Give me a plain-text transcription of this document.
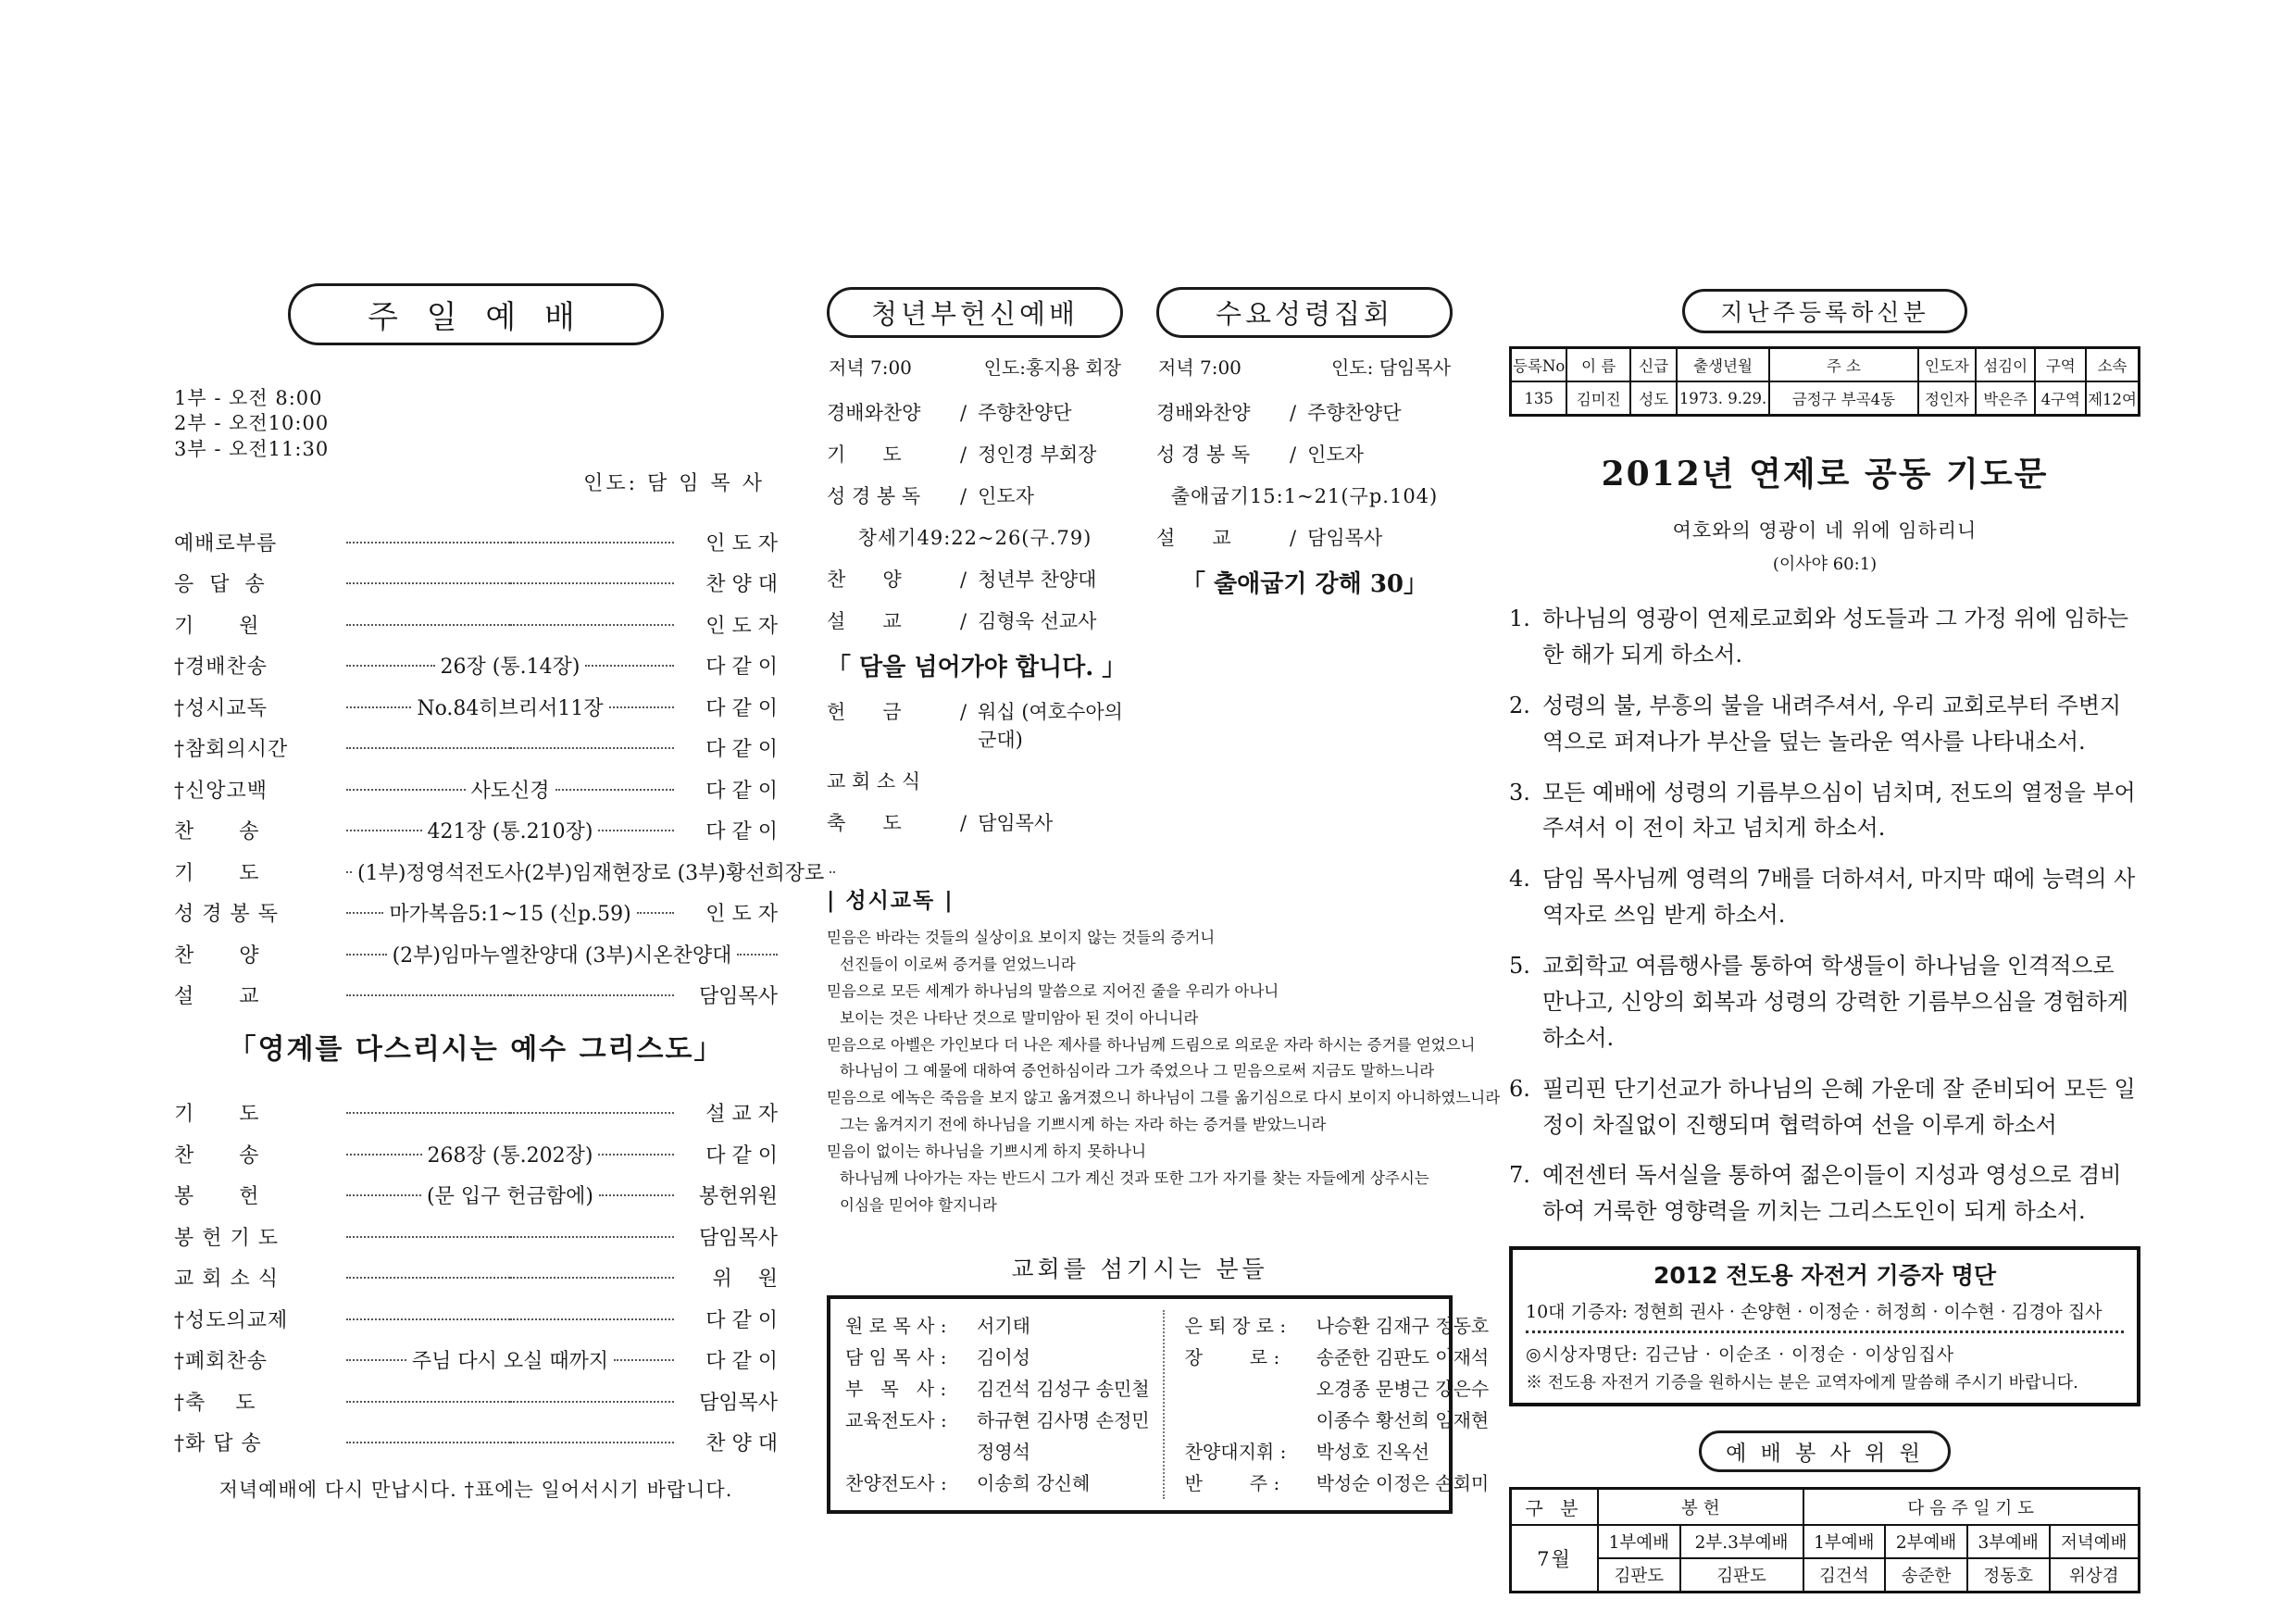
주 일 예 배
1부 - 오전 8:00
2부 - 오전10:00
3부 - 오전11:30
인도: 담 임 목 사
예배로부름	인 도 자
응  답  송	찬 양 대
기      원	인 도 자
†경배찬송	26장 (통.14장)	다 같 이
†성시교독	No.84히브리서11장	다 같 이
†참회의시간	다 같 이
†신앙고백	사도신경	다 같 이
찬      송	421장 (통.210장)	다 같 이
기      도	(1부)정영석전도사(2부)임재현장로 (3부)황선희장로
성 경 봉 독	마가복음5:1~15 (신p.59)	인 도 자
찬      양	(2부)임마누엘찬양대 (3부)시온찬양대
설      교	담임목사
「영계를 다스리시는 예수 그리스도」
기      도	설 교 자
찬      송	268장 (통.202장)	다 같 이
봉      헌	(문 입구 헌금함에)	봉헌위원
봉 헌 기 도	담임목사
교 회 소 식	위    원
†성도의교제	다 같 이
†폐회찬송	주님 다시 오실 때까지	다 같 이
†축    도	담임목사
†화 답 송	찬 양 대
저녁예배에 다시 만납시다. †표에는 일어서시기 바랍니다.
청년부헌신예배
저녁 7:00	인도:홍지용 회장
경배와찬양	/ 주향찬양단
기      도	/ 정인경 부회장
성 경 봉 독	/ 인도자
창세기49:22~26(구.79)
찬      양	/ 청년부 찬양대
설      교	/ 김형욱 선교사
「 담을 넘어가야 합니다. 」
헌      금	/ 워십 (여호수아의 군대)
교 회 소 식
축      도	/ 담임목사
수요성령집회
저녁 7:00	인도: 담임목사
경배와찬양	/ 주향찬양단
성 경 봉 독	/ 인도자
출애굽기15:1~21(구p.104)
설      교	/ 담임목사
「 출애굽기 강해 30」
| 성시교독 |
믿음은 바라는 것들의 실상이요 보이지 않는 것들의 증거니
선진들이 이로써 증거를 얻었느니라
믿음으로 모든 세계가 하나님의 말씀으로 지어진 줄을 우리가 아나니
보이는 것은 나타난 것으로 말미암아 된 것이 아니니라
믿음으로 아벨은 가인보다 더 나은 제사를 하나님께 드림으로 의로운 자라 하시는 증거를 얻었으니
하나님이 그 예물에 대하여 증언하심이라 그가 죽었으나 그 믿음으로써 지금도 말하느니라
믿음으로 에녹은 죽음을 보지 않고 옮겨졌으니 하나님이 그를 옮기심으로 다시 보이지 아니하였느니라
그는 옮겨지기 전에 하나님을 기쁘시게 하는 자라 하는 증거를 받았느니라
믿음이 없이는 하나님을 기쁘시게 하지 못하나니
하나님께 나아가는 자는 반드시 그가 계신 것과 또한 그가 자기를 찾는 자들에게 상주시는
이심을 믿어야 할지니라
교회를 섬기시는 분들
원 로 목 사 :	서기태
담 임 목 사 :	김이성
부   목   사 :	김건석 김성구 송민철
교육전도사 :	하규현 김사명 손정민
정영석
찬양전도사 :	이송희 강신혜
은 퇴 장 로 :	나승환 김재구 정동호
장        로 :	송준한 김판도 이재석
오경종 문병근 강은수
이종수 황선희 임재현
찬양대지휘 :	박성호 진옥선
반        주 :	박성순 이정은 손회미
지난주등록하신분
등록No	이 름	신급	출생년월	주 소	인도자	섬김이	구역	소속
135	김미진	성도	1973. 9.29.	금정구 부곡4동	정인자	박은주	4구역	제12여
2012년 연제로 공동 기도문
여호와의 영광이 네 위에 임하리니
(이사야 60:1)
1. 하나님의 영광이 연제로교회와 성도들과 그 가정 위에 임하는 한 해가 되게 하소서.
2. 성령의 불, 부흥의 불을 내려주셔서, 우리 교회로부터 주변지역으로 퍼져나가 부산을 덮는 놀라운 역사를 나타내소서.
3. 모든 예배에 성령의 기름부으심이 넘치며, 전도의 열정을 부어주셔서 이 전이 차고 넘치게 하소서.
4. 담임 목사님께 영력의 7배를 더하셔서, 마지막 때에 능력의 사역자로 쓰임 받게 하소서.
5. 교회학교 여름행사를 통하여 학생들이 하나님을 인격적으로 만나고, 신앙의 회복과 성령의 강력한 기름부으심을 경험하게 하소서.
6. 필리핀 단기선교가 하나님의 은혜 가운데 잘 준비되어 모든 일정이 차질없이 진행되며 협력하여 선을 이루게 하소서
7. 예전센터 독서실을 통하여 젊은이들이 지성과 영성으로 겸비하여 거룩한 영향력을 끼치는 그리스도인이 되게 하소서.
2012 전도용 자전거 기증자 명단
10대 기증자: 정현희 권사 · 손양현 · 이정순 · 허정희 · 이수현 · 김경아 집사
◎시상자명단: 김근남 · 이순조 · 이정순 · 이상임집사
※ 전도용 자전거 기증을 원하시는 분은 교역자에게 말씀해 주시기 바랍니다.
예 배 봉 사 위 원
구 분	봉 헌		다 음 주 일 기 도			
7월	1부예배	2부.3부예배	1부예배	2부예배	3부예배	저녁예배
	김판도	김판도	김건석	송준한	정동호	위상겸
